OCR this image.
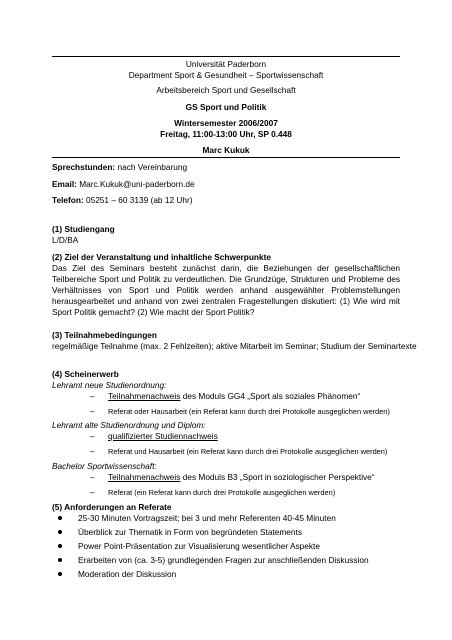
Universität Paderborn
Department Sport & Gesundheit – Sportwissenschaft
Arbeitsbereich Sport und Gesellschaft
GS Sport und Politik
Wintersemester 2006/2007
Freitag, 11:00-13:00 Uhr, SP 0.448
Marc Kukuk
Sprechstunden: nach Vereinbarung
Email: Marc.Kukuk@uni-paderborn.de
Telefon: 05251 – 60 3139 (ab 12 Uhr)
(1) Studiengang
L/D/BA
(2) Ziel der Veranstaltung und inhaltliche Schwerpunkte
Das Ziel des Seminars besteht zunächst darin, die Beziehungen der gesellschaftlichen Teilbereiche Sport und Politik zu verdeutlichen. Die Grundzüge, Strukturen und Probleme des Verhältnisses von Sport und Politik werden anhand ausgewählter Problemstellungen herausgearbeitet und anhand von zwei zentralen Fragestellungen diskutiert: (1) Wie wird mit Sport Politik gemacht? (2) Wie macht der Sport Politik?
(3) Teilnahmebedingungen
regelmäßige Teilnahme (max. 2 Fehlzeiten); aktive Mitarbeit im Seminar; Studium der Seminartexte
(4) Scheinerwerb
Lehramt neue Studienordnung:
– Teilnahmenachweis des Moduls GG4 „Sport als soziales Phänomen“
– Referat oder Hausarbeit (ein Referat kann durch drei Protokolle ausgeglichen werden)
Lehramt alte Studienordnung und Diplom:
– qualifizierter Studiennachweis
– Referat und Hausarbeit (ein Referat kann durch drei Protokolle ausgeglichen werden)
Bachelor Sportwissenschaft:
– Teilnahmenachweis des Moduls B3 „Sport in soziologischer Perspektive“
– Referat (ein Referat kann durch drei Protokolle ausgeglichen werden)
(5) Anforderungen an Referate
25-30 Minuten Vortragszeit; bei 3 und mehr Referenten 40-45 Minuten
Überblick zur Thematik in Form von begründeten Statements
Power Point-Präsentation zur Visualisierung wesentlicher Aspekte
Erarbeiten von (ca. 3-5) grundlegenden Fragen zur anschließenden Diskussion
Moderation der Diskussion
